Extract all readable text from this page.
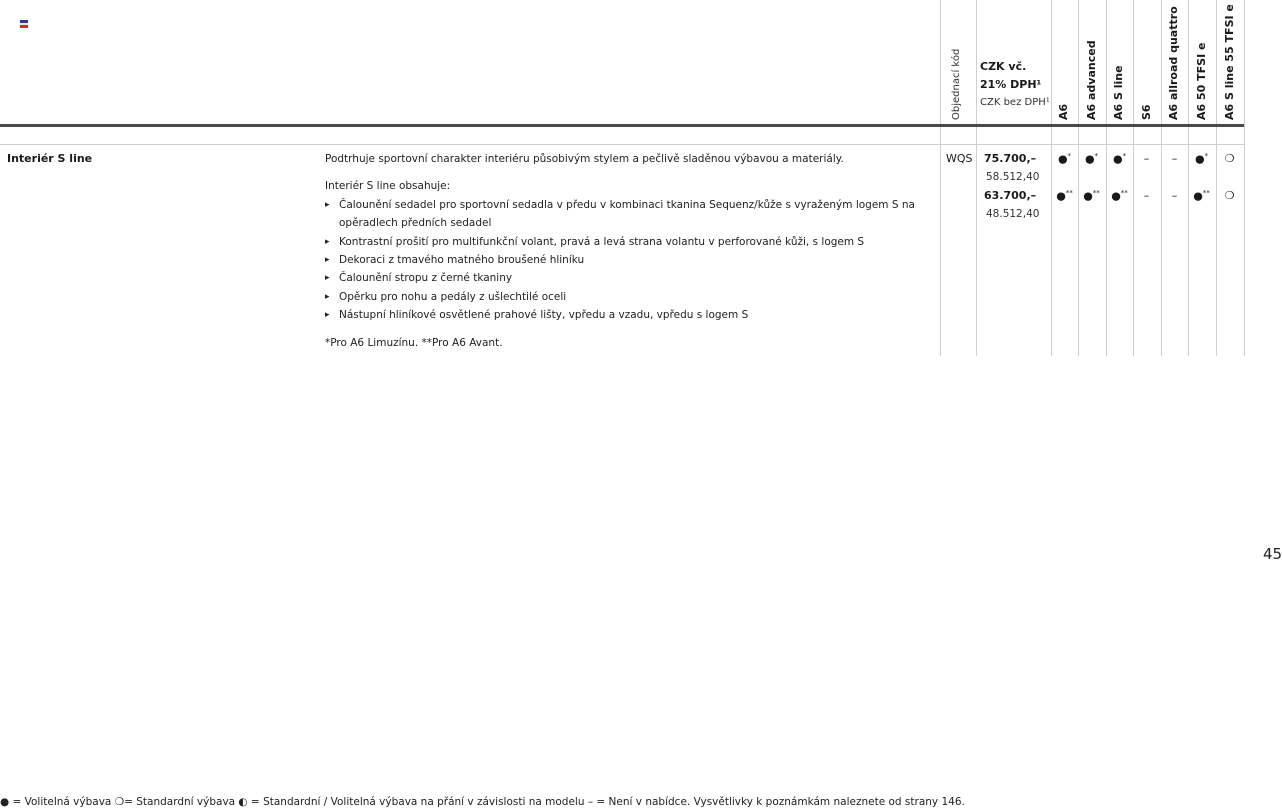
Objednací kód	A6 A6 advanced A6 S line S6 A6 allroad quattro A6 50 TFSI e A6 S line 55 TFSI e
CZK vč. 21% DPH¹
CZK bez DPH¹
Interiér S line	Podtrhuje sportovní charakter interiéru působivým stylem a pečlivě sladěnou výbavou a materiály.
Interiér S line obsahuje:
▸ Čalounění sedadel pro sportovní sedadla v předu v kombinaci tkanina Sequenz/kůže s vyraženým logem S na opěradlech předních sedadel
▸ Kontrastní prošití pro multifunkční volant, pravá a levá strana volantu v perforované kůži, s logem S
▸ Dekoraci z tmavého matného broušené hliníku
▸ Čalounění stropu z černé tkaniny
▸ Opěrku pro nohu a pedály z ušlechtilé oceli
▸ Nástupní hliníkové osvětlené prahové lišty, vpředu a vzadu, vpředu s logem S
*Pro A6 Limuzínu. **Pro A6 Avant.
WQS 75.700,–
58.512,40
63.700,–
48.512,40
●*
●**
●*
●**
●*
●**
–
–
–
–
●*
●**
❍
❍
45
● = Volitelná výbava ❍= Standardní výbava ◐ = Standardní / Volitelná výbava na přání v závislosti na modelu – = Není v nabídce. Vysvětlivky k poznámkám naleznete od strany 146.
